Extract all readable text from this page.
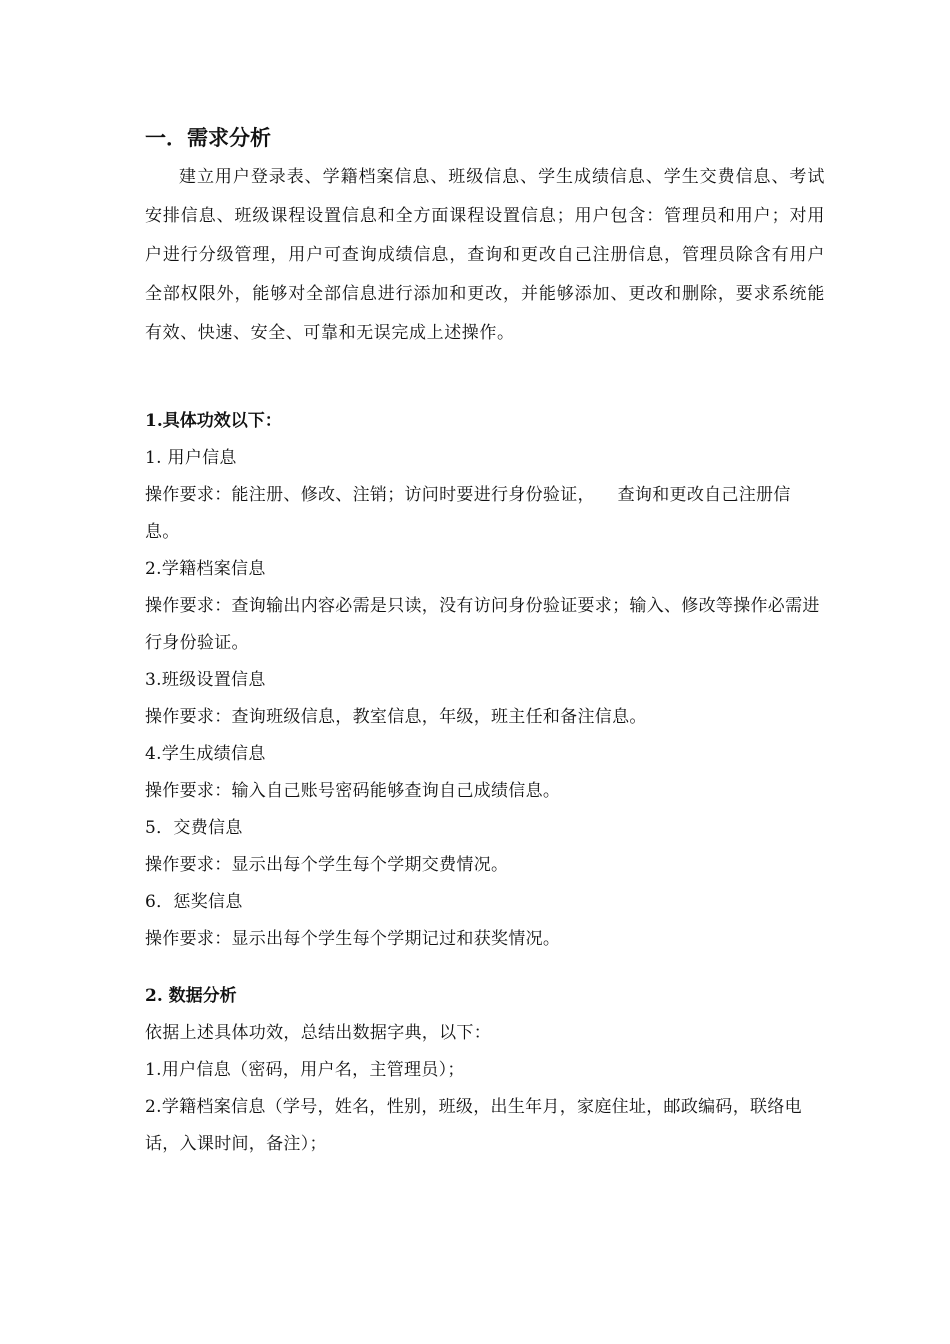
一．需求分析

建立用户登录表、学籍档案信息、班级信息、学生成绩信息、学生交费信息、考试安排信息、班级课程设置信息和全方面课程设置信息；用户包含：管理员和用户；对用户进行分级管理，用户可查询成绩信息，查询和更改自己注册信息，管理员除含有用户全部权限外，能够对全部信息进行添加和更改，并能够添加、更改和删除，要求系统能有效、快速、安全、可靠和无误完成上述操作。

1.具体功效以下：

1. 用户信息

操作要求：能注册、修改、注销；访问时要进行身份验证，    查询和更改自己注册信息。

2.学籍档案信息

操作要求：查询输出内容必需是只读，没有访问身份验证要求；输入、修改等操作必需进行身份验证。

3.班级设置信息

操作要求：查询班级信息，教室信息，年级，班主任和备注信息。

4.学生成绩信息

操作要求：输入自己账号密码能够查询自己成绩信息。

5．交费信息

操作要求：显示出每个学生每个学期交费情况。

6．惩奖信息

操作要求：显示出每个学生每个学期记过和获奖情况。

2. 数据分析

依据上述具体功效，总结出数据字典，以下：

1.用户信息（密码，用户名，主管理员）；

2.学籍档案信息（学号，姓名，性别，班级，出生年月，家庭住址，邮政编码，联络电话，入课时间，备注）；
